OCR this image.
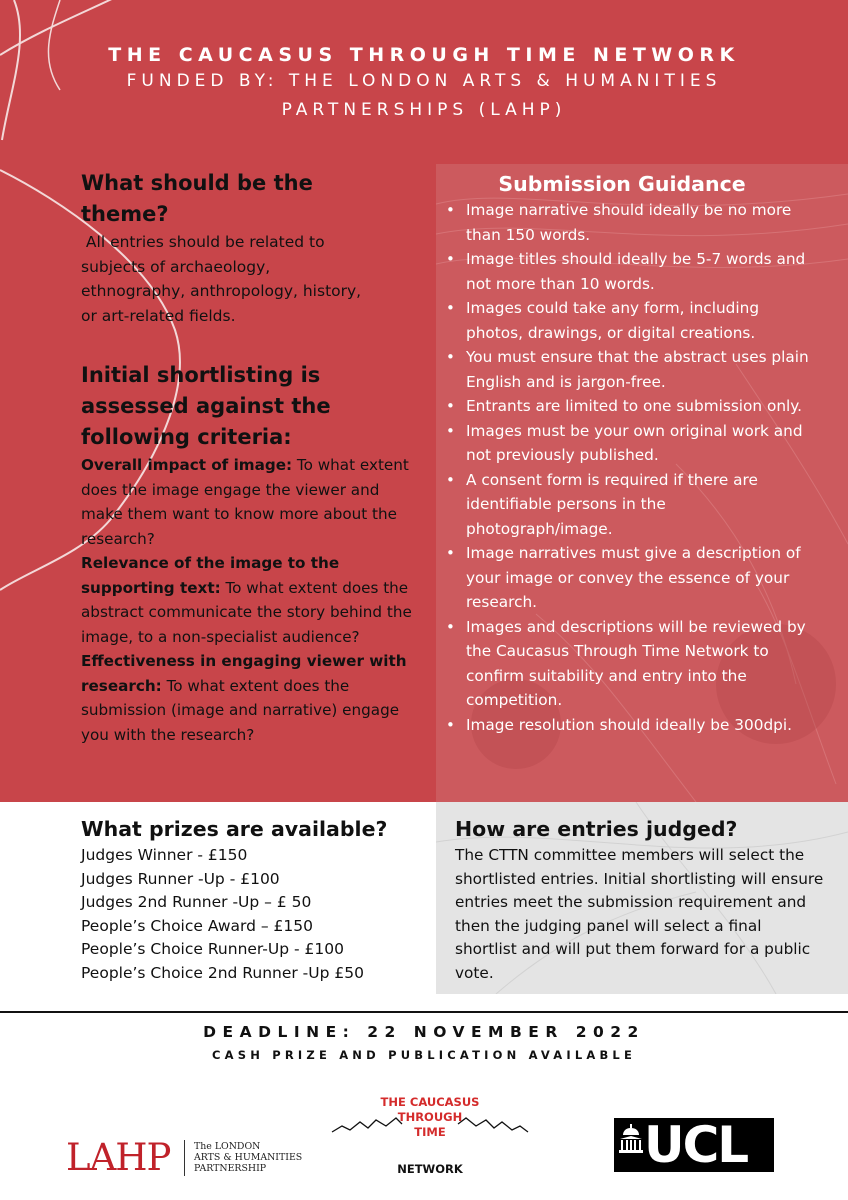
THE CAUCASUS THROUGH TIME NETWORK
FUNDED BY: THE LONDON ARTS & HUMANITIES
PARTNERSHIPS (LAHP)
Submission Guidance
• Image narrative should ideally be no more than 150 words.
• Image titles should ideally be 5-7 words and not more than 10 words.
• Images could take any form, including photos, drawings, or digital creations.
• You must ensure that the abstract uses plain English and is jargon-free.
• Entrants are limited to one submission only.
• Images must be your own original work and not previously published.
• A consent form is required if there are identifiable persons in the photograph/image.
• Image narratives must give a description of your image or convey the essence of your research.
• Images and descriptions will be reviewed by the Caucasus Through Time Network to confirm suitability and entry into the competition.
• Image resolution should ideally be 300dpi.
What should be the
theme?

All entries should be related to
subjects of archaeology,
ethnography, anthropology, history,
or art-related fields.

Initial shortlisting is
assessed against the
following criteria:

Overall impact of image: To what extent does the image engage the viewer and make them want to know more about the research?

Relevance of the image to the supporting text: To what extent does the abstract communicate the story behind the image, to a non-specialist audience?

Effectiveness in engaging viewer with research: To what extent does the submission (image and narrative) engage you with the research?

What prizes are available?
Judges Winner - £150
Judges Runner -Up - £100
Judges 2nd Runner -Up – £ 50
People’s Choice Award – £150
People’s Choice Runner-Up - £100
People’s Choice 2nd Runner -Up £50
How are entries judged?

The CTTN committee members will select the shortlisted entries. Initial shortlisting will ensure entries meet the submission requirement and then the judging panel will select a final shortlist and will put them forward for a public vote.

DEADLINE: 22 NOVEMBER 2022
CASH PRIZE AND PUBLICATION AVAILABLE
LAHP	The LONDON
ARTS & HUMANITIES
PARTNERSHIP
THE CAUCASUS
THROUGH
TIME
NETWORK	UCL
